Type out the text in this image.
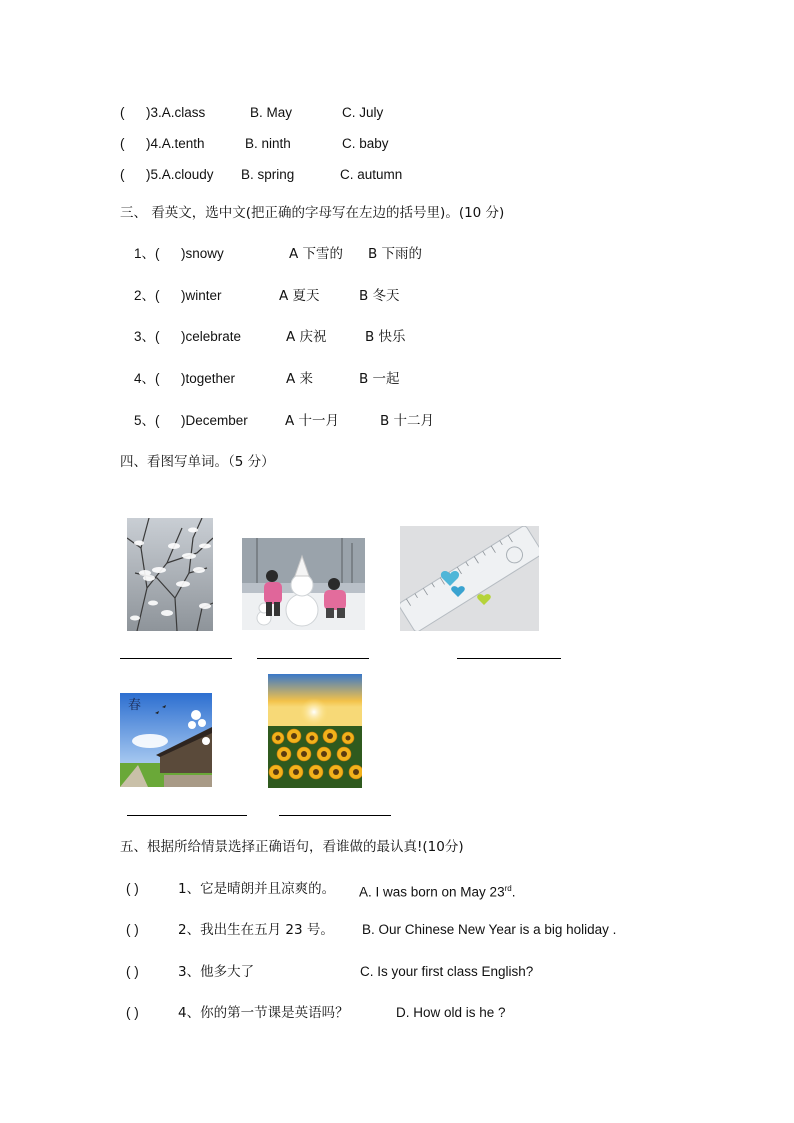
( )3.A.class	B. May	C. July
( )4.A.tenth	B. ninth	C. baby
( )5.A.cloudy B. spring	C. autumn
三、 看英文，选中文(把正确的字母写在左边的括号里)。(10 分)
1、( )snowy	A 下雪的 B 下雨的
2、( )winter	A 夏天	B 冬天
3、( )celebrate	A 庆祝	B 快乐
4、( )together	A 来	B 一起
5、( )December	A 十一月	B 十二月
四、看图写单词。（5 分）
春
五、根据所给情景选择正确语句，看谁做的最认真!(10分)
( )	1、它是晴朗并且凉爽的。 A. I was born on May 23rd.
( )	2、我出生在五月 23 号。 B. Our Chinese New Year is a big holiday .
( )	3、他多大了	C. Is your first class English?
( )	4、你的第一节课是英语吗？	D. How old is he ?
